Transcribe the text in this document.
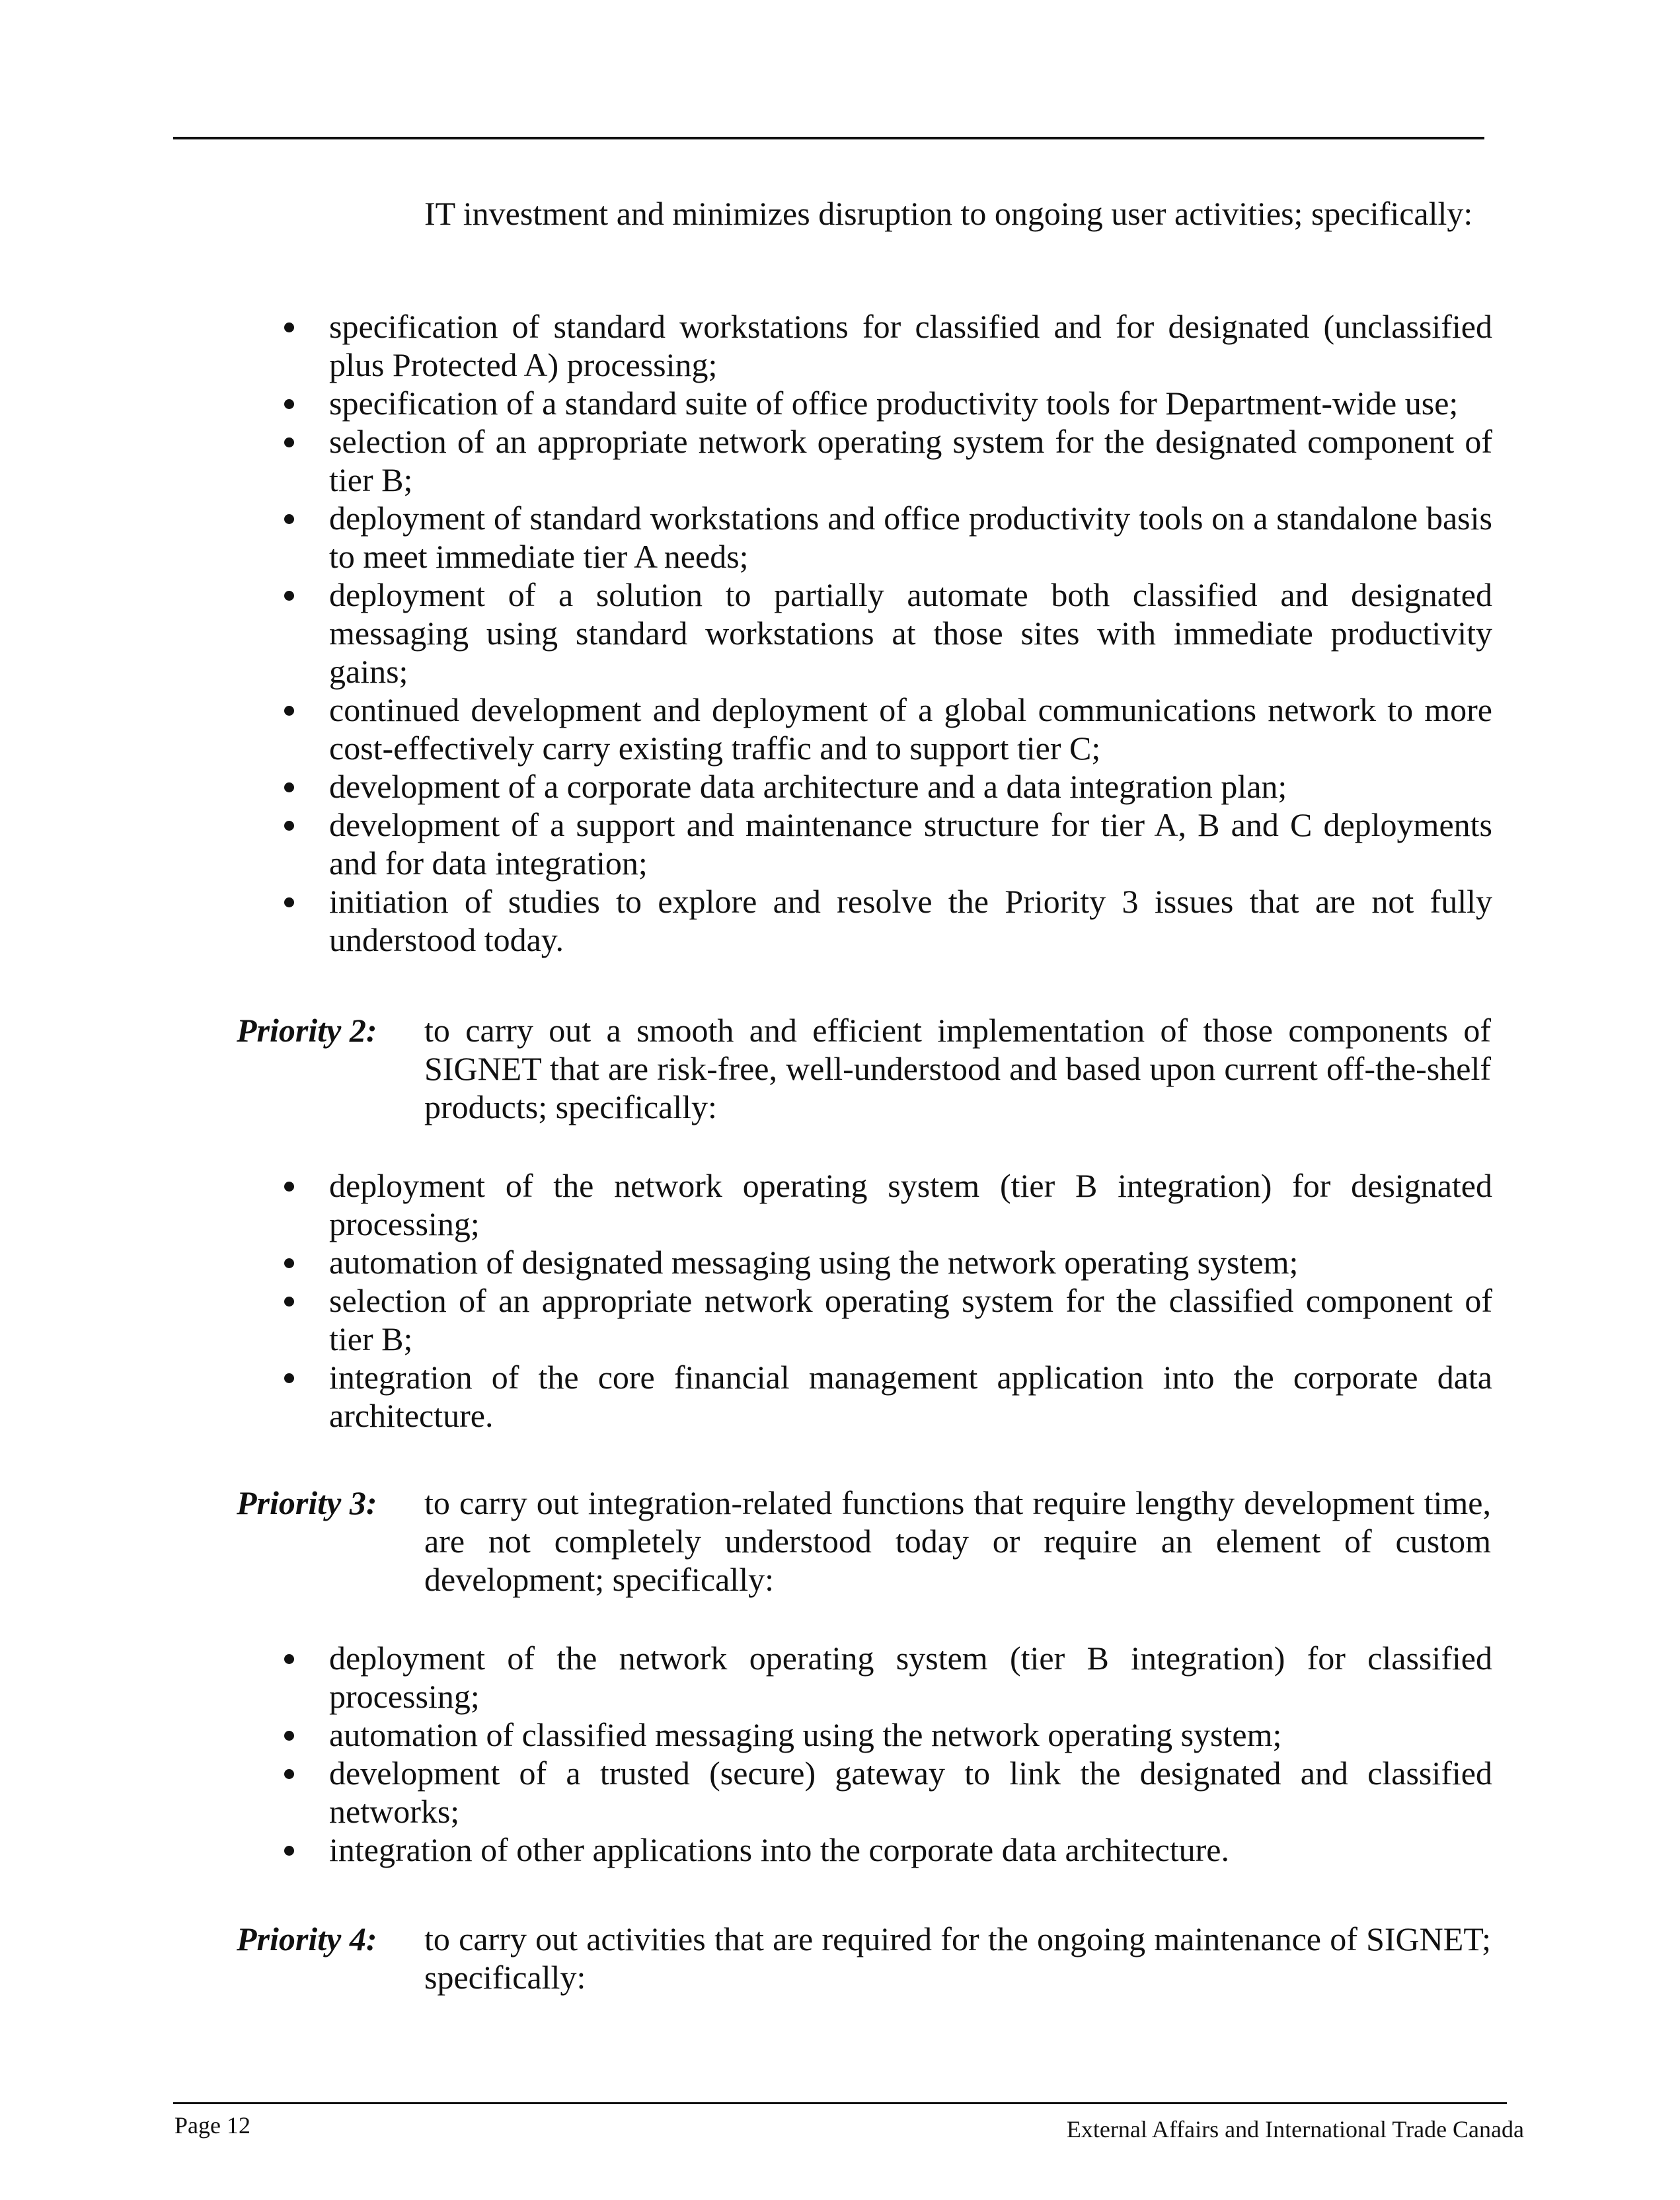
IT investment and minimizes disruption to ongoing user activities; specifically:
specification of standard workstations for classified and for designated (unclassified plus Protected A) processing;
specification of a standard suite of office productivity tools for Department-wide use;
selection of an appropriate network operating system for the designated component of tier B;
deployment of standard workstations and office productivity tools on a standalone basis to meet immediate tier A needs;
deployment of a solution to partially automate both classified and designated messaging using standard workstations at those sites with immediate productivity gains;
continued development and deployment of a global communications network to more cost-effectively carry existing traffic and to support tier C;
development of a corporate data architecture and a data integration plan;
development of a support and maintenance structure for tier A, B and C deployments and for data integration;
initiation of studies to explore and resolve the Priority 3 issues that are not fully understood today.
Priority 2: to carry out a smooth and efficient implementation of those components of SIGNET that are risk-free, well-understood and based upon current off-the-shelf products; specifically:
deployment of the network operating system (tier B integration) for designated processing;
automation of designated messaging using the network operating system;
selection of an appropriate network operating system for the classified component of tier B;
integration of the core financial management application into the corporate data architecture.
Priority 3: to carry out integration-related functions that require lengthy development time, are not completely understood today or require an element of custom development; specifically:
deployment of the network operating system (tier B integration) for classified processing;
automation of classified messaging using the network operating system;
development of a trusted (secure) gateway to link the designated and classified networks;
integration of other applications into the corporate data architecture.
Priority 4: to carry out activities that are required for the ongoing maintenance of SIGNET; specifically:
Page 12	External Affairs and International Trade Canada
